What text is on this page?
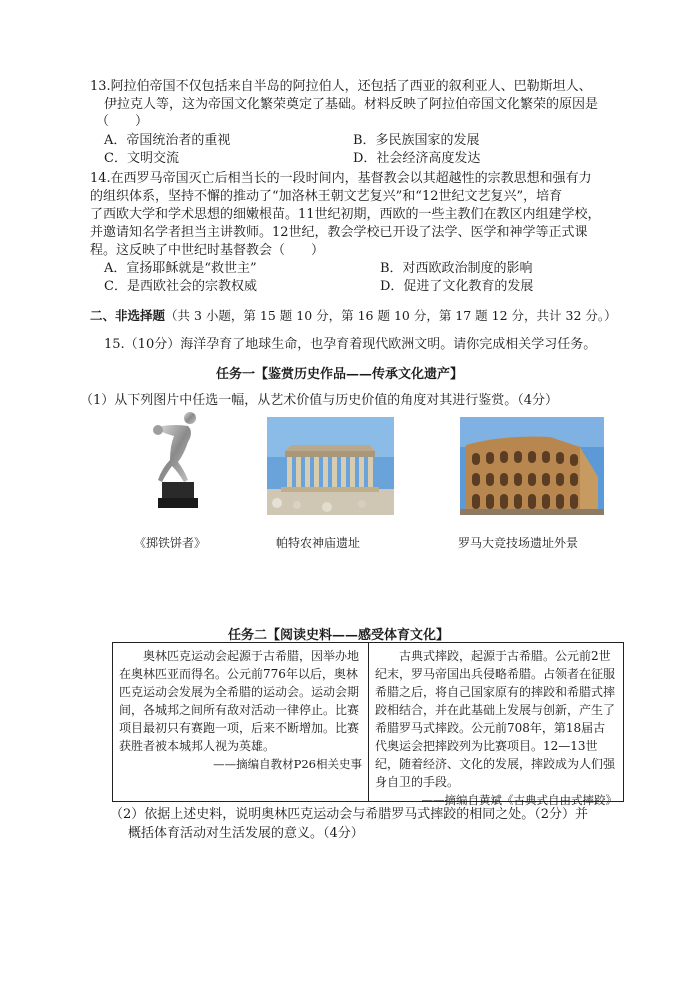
13.阿拉伯帝国不仅包括来自半岛的阿拉伯人，还包括了西亚的叙利亚人、巴勒斯坦人、
伊拉克人等，这为帝国文化繁荣奠定了基础。材料反映了阿拉伯帝国文化繁荣的原因是
（　　）
A．帝国统治者的重视	B．多民族国家的发展
C．文明交流	D．社会经济高度发达
14.在西罗马帝国灭亡后相当长的一段时间内，基督教会以其超越性的宗教思想和强有力
的组织体系，坚持不懈的推动了“加洛林王朝文艺复兴”和“12世纪文艺复兴”，培育
了西欧大学和学术思想的细嫩根苗。11世纪初期，西欧的一些主教们在教区内组建学校，
并邀请知名学者担当主讲教师。12世纪，教会学校已开设了法学、医学和神学等正式课
程。这反映了中世纪时基督教会（　　）
A．宣扬耶稣就是“救世主”	B．对西欧政治制度的影响
C．是西欧社会的宗教权威	D．促进了文化教育的发展
二、非选择题（共 3 小题，第 15 题 10 分，第 16 题 10 分，第 17 题 12 分，共计 32 分。）
15.（10分）海洋孕育了地球生命，也孕育着现代欧洲文明。请你完成相关学习任务。
任务一【鉴赏历史作品——传承文化遗产】
（1）从下列图片中任选一幅，从艺术价值与历史价值的角度对其进行鉴赏。（4分）
《掷铁饼者》	帕特农神庙遗址	罗马大竞技场遗址外景
任务二【阅读史料——感受体育文化】
奥林匹克运动会起源于古希腊，因举办地在奥林匹亚而得名。公元前776年以后，奥林匹克运动会发展为全希腊的运动会。运动会期间，各城邦之间所有敌对活动一律停止。比赛项目最初只有赛跑一项，后来不断增加。比赛获胜者被本城邦人视为英雄。
——摘编自教材P26相关史事
古典式摔跤，起源于古希腊。公元前2世纪末，罗马帝国出兵侵略希腊。占领者在征服希腊之后，将自己国家原有的摔跤和希腊式摔跤相结合，并在此基础上发展与创新，产生了希腊罗马式摔跤。公元前708年，第18届古代奥运会把摔跤列为比赛项目。12—13世纪，随着经济、文化的发展，摔跤成为人们强身自卫的手段。
——摘编自黄斌《古典式自由式摔跤》
（2）依据上述史料，说明奥林匹克运动会与希腊罗马式摔跤的相同之处。（2分）并
概括体育活动对生活发展的意义。（4分）
